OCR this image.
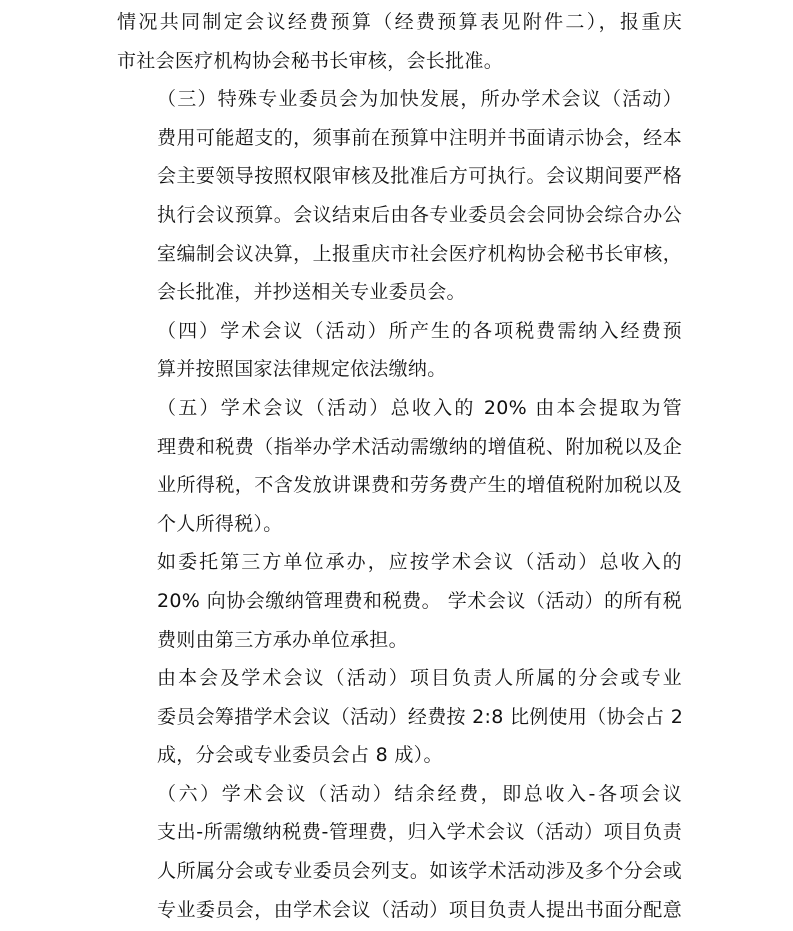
情况共同制定会议经费预算（经费预算表见附件二），报重庆
市社会医疗机构协会秘书长审核，会长批准。

（三）特殊专业委员会为加快发展，所办学术会议（活动）
费用可能超支的，须事前在预算中注明并书面请示协会，经本
会主要领导按照权限审核及批准后方可执行。会议期间要严格
执行会议预算。会议结束后由各专业委员会会同协会综合办公
室编制会议决算，上报重庆市社会医疗机构协会秘书长审核，
会长批准，并抄送相关专业委员会。

（四）学术会议（活动）所产生的各项税费需纳入经费预
算并按照国家法律规定依法缴纳。

（五）学术会议（活动）总收入的 20% 由本会提取为管
理费和税费（指举办学术活动需缴纳的增值税、附加税以及企
业所得税，不含发放讲课费和劳务费产生的增值税附加税以及
个人所得税）。

如委托第三方单位承办，应按学术会议（活动）总收入的
20% 向协会缴纳管理费和税费。 学术会议（活动）的所有税
费则由第三方承办单位承担。

由本会及学术会议（活动）项目负责人所属的分会或专业
委员会筹措学术会议（活动）经费按 2:8 比例使用（协会占 2
成，分会或专业委员会占 8 成）。

（六）学术会议（活动）结余经费，即总收入-各项会议
支出-所需缴纳税费-管理费，归入学术会议（活动）项目负责
人所属分会或专业委员会列支。如该学术活动涉及多个分会或
专业委员会，由学术会议（活动）项目负责人提出书面分配意
